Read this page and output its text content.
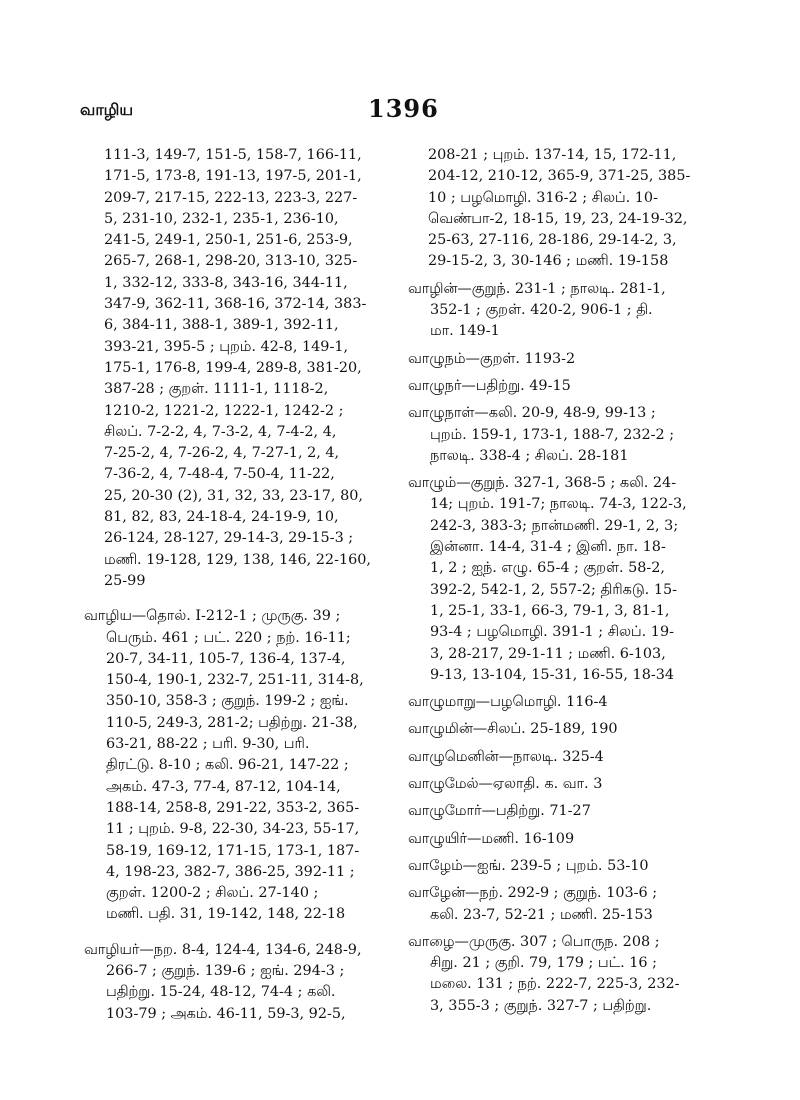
வாழிய	1396
111-3, 149-7, 151-5, 158-7, 166-11,
171-5, 173-8, 191-13, 197-5, 201-1,
209-7, 217-15, 222-13, 223-3, 227-
5, 231-10, 232-1, 235-1, 236-10,
241-5, 249-1, 250-1, 251-6, 253-9,
265-7, 268-1, 298-20, 313-10, 325-
1, 332-12, 333-8, 343-16, 344-11,
347-9, 362-11, 368-16, 372-14, 383-
6, 384-11, 388-1, 389-1, 392-11,
393-21, 395-5 ; புறம். 42-8, 149-1,
175-1, 176-8, 199-4, 289-8, 381-20,
387-28 ; குறள். 1111-1, 1118-2,
1210-2, 1221-2, 1222-1, 1242-2 ;
சிலப். 7-2-2, 4, 7-3-2, 4, 7-4-2, 4,
7-25-2, 4, 7-26-2, 4, 7-27-1, 2, 4,
7-36-2, 4, 7-48-4, 7-50-4, 11-22,
25, 20-30 (2), 31, 32, 33, 23-17, 80,
81, 82, 83, 24-18-4, 24-19-9, 10,
26-124, 28-127, 29-14-3, 29-15-3 ;
மணி. 19-128, 129, 138, 146, 22-160,
25-99
வாழிய—தொல். I-212-1 ; முருகு. 39 ;
பெரும். 461 ; பட். 220 ; நற். 16-11;
20-7, 34-11, 105-7, 136-4, 137-4,
150-4, 190-1, 232-7, 251-11, 314-8,
350-10, 358-3 ; குறுந். 199-2 ; ஐங்.
110-5, 249-3, 281-2; பதிற்று. 21-38,
63-21, 88-22 ; பரி. 9-30, பரி.
திரட்டு. 8-10 ; கலி. 96-21, 147-22 ;
அகம். 47-3, 77-4, 87-12, 104-14,
188-14, 258-8, 291-22, 353-2, 365-
11 ; புறம். 9-8, 22-30, 34-23, 55-17,
58-19, 169-12, 171-15, 173-1, 187-
4, 198-23, 382-7, 386-25, 392-11 ;
குறள். 1200-2 ; சிலப். 27-140 ;
மணி. பதி. 31, 19-142, 148, 22-18
வாழியர்—நற. 8-4, 124-4, 134-6, 248-9,
266-7 ; குறுந். 139-6 ; ஐங். 294-3 ;
பதிற்று. 15-24, 48-12, 74-4 ; கலி.
103-79 ; அகம். 46-11, 59-3, 92-5,
208-21 ; புறம். 137-14, 15, 172-11,
204-12, 210-12, 365-9, 371-25, 385-
10 ; பழமொழி. 316-2 ; சிலப். 10-
வெண்பா-2, 18-15, 19, 23, 24-19-32,
25-63, 27-116, 28-186, 29-14-2, 3,
29-15-2, 3, 30-146 ; மணி. 19-158
வாழின்—குறுந். 231-1 ; நாலடி. 281-1,
352-1 ; குறள். 420-2, 906-1 ; தி.
மா. 149-1
வாழுநம்—குறள். 1193-2
வாழுநர்—பதிற்று. 49-15
வாழுநாள்—கலி. 20-9, 48-9, 99-13 ;
புறம். 159-1, 173-1, 188-7, 232-2 ;
நாலடி. 338-4 ; சிலப். 28-181
வாழும்—குறுந். 327-1, 368-5 ; கலி. 24-
14; புறம். 191-7; நாலடி. 74-3, 122-3,
242-3, 383-3; நான்மணி. 29-1, 2, 3;
இன்னா. 14-4, 31-4 ; இனி. நா. 18-
1, 2 ; ஐந். எழு. 65-4 ; குறள். 58-2,
392-2, 542-1, 2, 557-2; திரிகடு. 15-
1, 25-1, 33-1, 66-3, 79-1, 3, 81-1,
93-4 ; பழமொழி. 391-1 ; சிலப். 19-
3, 28-217, 29-1-11 ; மணி. 6-103,
9-13, 13-104, 15-31, 16-55, 18-34
வாழுமாறு—பழமொழி. 116-4
வாழுமின்—சிலப். 25-189, 190
வாழுமெனின்—நாலடி. 325-4
வாழுமேல்—ஏலாதி. க. வா. 3
வாழுமோர்—பதிற்று. 71-27
வாழுயிர்—மணி. 16-109
வாழேம்—ஐங். 239-5 ; புறம். 53-10
வாழேன்—நற். 292-9 ; குறுந். 103-6 ;
கலி. 23-7, 52-21 ; மணி. 25-153
வாழை—முருகு. 307 ; பொருந. 208 ;
சிறு. 21 ; குறி. 79, 179 ; பட். 16 ;
மலை. 131 ; நற். 222-7, 225-3, 232-
3, 355-3 ; குறுந். 327-7 ; பதிற்று.
